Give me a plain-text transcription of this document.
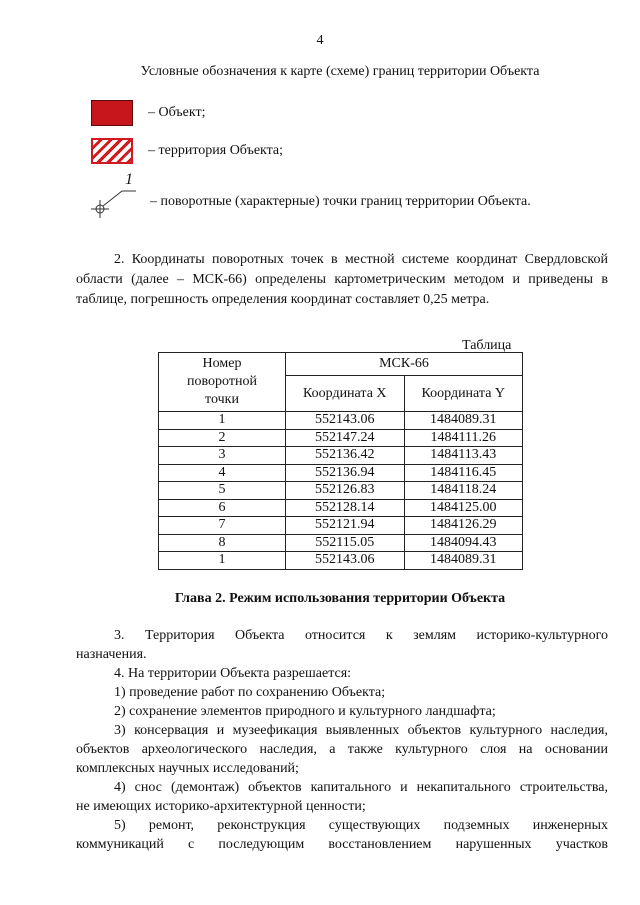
4
Условные обозначения к карте (схеме) границ территории Объекта
– Объект;
– территория Объекта;
1
– поворотные (характерные) точки границ территории Объекта.
2. Координаты поворотных точек в местной системе координат Свердловской области (далее – МСК-66) определены картометрическим методом и приведены в таблице, погрешность определения координат составляет 0,25 метра.
Таблица
Номер поворотной точки	МСК-66	
	Координата X	Координата Y
1	552143.06	1484089.31
2	552147.24	1484111.26
3	552136.42	1484113.43
4	552136.94	1484116.45
5	552126.83	1484118.24
6	552128.14	1484125.00
7	552121.94	1484126.29
8	552115.05	1484094.43
1	552143.06	1484089.31
Глава 2. Режим использования территории Объекта
3. Территория Объекта относится к землям историко-культурного
назначения.
4. На территории Объекта разрешается:
1) проведение работ по сохранению Объекта;
2) сохранение элементов природного и культурного ландшафта;
3) консервация и музеефикация выявленных объектов культурного наследия,
объектов археологического наследия, а также культурного слоя на основании
комплексных научных исследований;
4) снос (демонтаж) объектов капитального и некапитального строительства,
не имеющих историко-архитектурной ценности;
5) ремонт, реконструкция существующих подземных инженерных
коммуникаций с последующим восстановлением нарушенных участков
